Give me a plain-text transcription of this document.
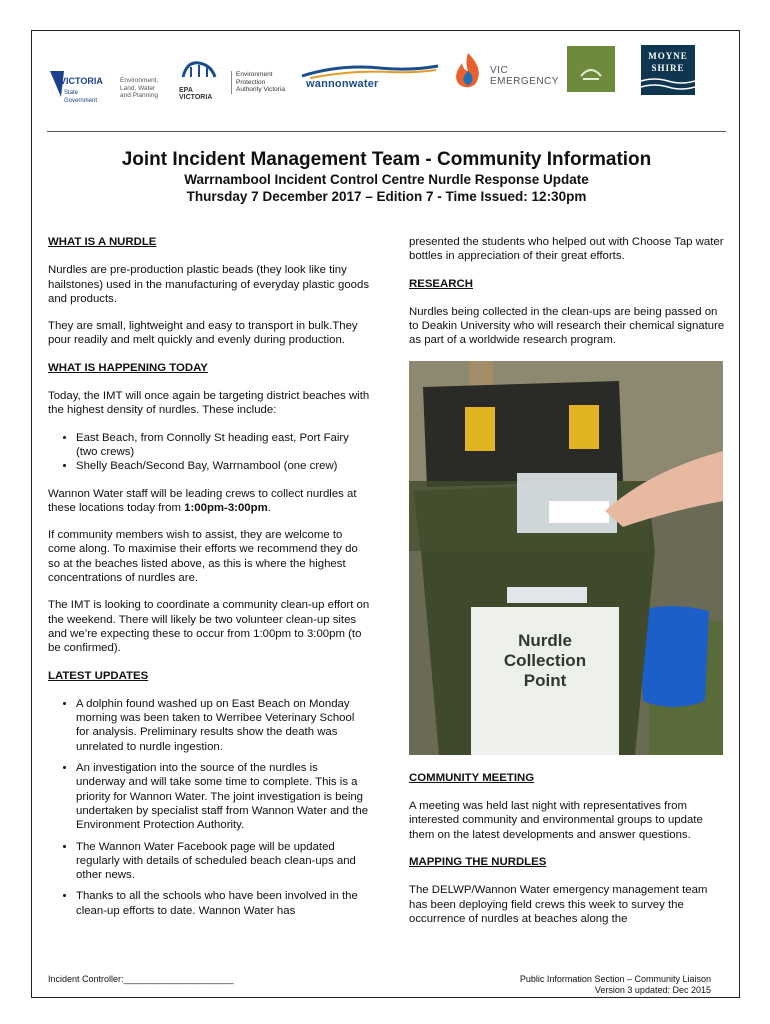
VICTORIA
State Government
Environment,
Land, Water
and Planning
EPA
VICTORIA
Environment
Protection
Authority Victoria wannonwater
VIC
EMERGENCY
MOYNE
SHIRE
Joint Incident Management Team - Community Information
Warrnambool Incident Control Centre Nurdle Response Update
Thursday 7 December 2017 – Edition 7 - Time Issued: 12:30pm
WHAT IS A NURDLE

Nurdles are pre-production plastic beads (they look like tiny hailstones) used in the manufacturing of everyday plastic goods and products.

They are small, lightweight and easy to transport in bulk.They pour readily and melt quickly and evenly during production.

WHAT IS HAPPENING TODAY

Today, the IMT will once again be targeting district beaches with the highest density of nurdles. These include:

• East Beach, from Connolly St heading east, Port Fairy (two crews)
• Shelly Beach/Second Bay, Warrnambool (one crew)

Wannon Water staff will be leading crews to collect nurdles at these locations today from 1:00pm-3:00pm.

If community members wish to assist, they are welcome to come along. To maximise their efforts we recommend they do so at the beaches listed above, as this is where the highest concentrations of nurdles are.

The IMT is looking to coordinate a community clean-up effort on the weekend. There will likely be two volunteer clean-up sites and we’re expecting these to occur from 1:00pm to 3:00pm (to be confirmed).

LATEST UPDATES
• A dolphin found washed up on East Beach on Monday morning was been taken to Werribee Veterinary School for analysis. Preliminary results show the death was unrelated to nurdle ingestion.
• An investigation into the source of the nurdles is underway and will take some time to complete. This is a priority for Wannon Water. The joint investigation is being undertaken by specialist staff from Wannon Water and the Environment Protection Authority.
• The Wannon Water Facebook page will be updated regularly with details of scheduled beach clean-ups and other news.
• Thanks to all the schools who have been involved in the clean-up efforts to date. Wannon Water has

presented the students who helped out with Choose Tap water bottles in appreciation of their great efforts.

RESEARCH

Nurdles being collected in the clean-ups are being passed on to Deakin University who will research their chemical signature as part of a worldwide research program.

Nurdle
Collection
Point
COMMUNITY MEETING

A meeting was held last night with representatives from interested community and environmental groups to update them on the latest developments and answer questions.

MAPPING THE NURDLES

The DELWP/Wannon Water emergency management team has been deploying field crews this week to survey the occurrence of nurdles at beaches along the

Incident Controller:______________________	Public Information Section – Community Liaison
Version 3 updated: Dec 2015
